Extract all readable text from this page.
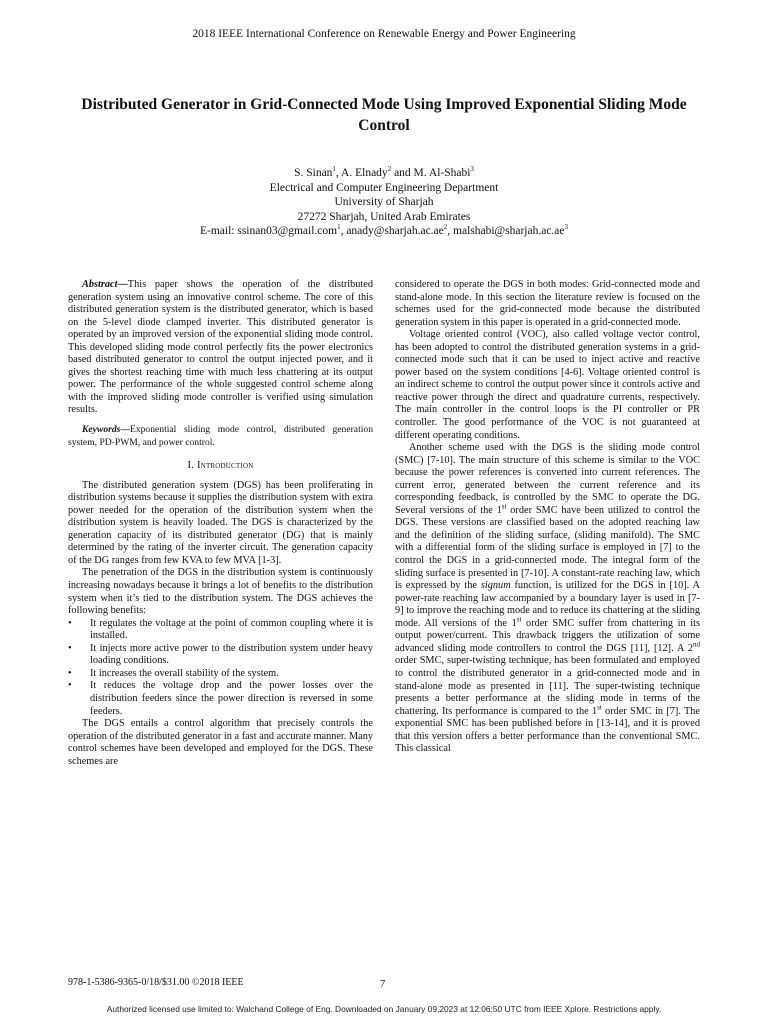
2018 IEEE International Conference on Renewable Energy and Power Engineering
Distributed Generator in Grid-Connected Mode Using Improved Exponential Sliding Mode Control
S. Sinan$^1$, A. Elnady$^2$ and M. Al-Shabi$^3$
Electrical and Computer Engineering Department
University of Sharjah
27272 Sharjah, United Arab Emirates
E-mail: ssinan03@gmail.com$^1$, $anady@sharjah.ac.ae^2$, $malshabi@sharjah.ac.ae^3$

Abstract—This paper shows the operation of the distributed generation system using an innovative control scheme. The core of this distributed generation system is the distributed generator, which is based on the 5-level diode clamped inverter. This distributed generator is operated by an improved version of the exponential sliding mode control. This developed sliding mode control perfectly fits the power electronics based distributed generator to control the output injected power, and it gives the shortest reaching time with much less chattering at its output power. The performance of the whole suggested control scheme along with the improved sliding mode controller is verified using simulation results.

Keywords—Exponential sliding mode control, distributed generation system, PD-PWM, and power control.

I. Introduction

The distributed generation system (DGS) has been proliferating in distribution systems because it supplies the distribution system with extra power needed for the operation of the distribution system when the distribution system is heavily loaded. The DGS is characterized by the generation capacity of its distributed generator (DG) that is mainly determined by the rating of the inverter circuit. The generation capacity of the DG ranges from few KVA to few MVA [1-3].

The penetration of the DGS in the distribution system is continuously increasing nowadays because it brings a lot of benefits to the distribution system when it’s tied to the distribution system. The DGS achieves the following benefits:

• It regulates the voltage at the point of common coupling where it is installed.
• It injects more active power to the distribution system under heavy loading conditions.
• It increases the overall stability of the system.
• It reduces the voltage drop and the power losses over the distribution feeders since the power direction is reversed in some feeders.

The DGS entails a control algorithm that precisely controls the operation of the distributed generator in a fast and accurate manner. Many control schemes have been developed and employed for the DGS. These schemes are

considered to operate the DGS in both modes: Grid-connected mode and stand-alone mode. In this section the literature review is focused on the schemes used for the grid-connected mode because the distributed generation system in this paper is operated in a grid-connected mode.

Voltage oriented control (VOC), also called voltage vector control, has been adopted to control the distributed generation systems in a grid-connected mode such that it can be used to inject active and reactive power based on the system conditions [4-6]. Voltage oriented control is an indirect scheme to control the output power since it controls active and reactive power through the direct and quadrature currents, respectively. The main controller in the control loops is the PI controller or PR controller. The good performance of the VOC is not guaranteed at different operating conditions.

Another scheme used with the DGS is the sliding mode control (SMC) [7-10]. The main structure of this scheme is similar to the VOC because the power references is converted into current references. The current error, generated between the current reference and its corresponding feedback, is controlled by the SMC to operate the DG. Several versions of the 1st order SMC have been utilized to control the DGS. These versions are classified based on the adopted reaching law and the definition of the sliding surface, (sliding manifold). The SMC with a differential form of the sliding surface is employed in [7] to the control the DGS in a grid-connected mode. The integral form of the sliding surface is presented in [7-10]. A constant-rate reaching law, which is expressed by the signum function, is utilized for the DGS in [10]. A power-rate reaching law accompanied by a boundary layer is used in [7-9] to improve the reaching mode and to reduce its chattering at the sliding mode. All versions of the 1st order SMC suffer from chattering in its output power/current. This drawback triggers the utilization of some advanced sliding mode controllers to control the DGS [11], [12]. A 2nd order SMC, super-twisting technique, has been formulated and employed to control the distributed generator in a grid-connected mode and in stand-alone mode as presented in [11]. The super-twisting technique presents a better performance at the sliding mode in terms of the chattering. Its performance is compared to the 1st order SMC in [7]. The exponential SMC has been published before in [13-14], and it is proved that this version offers a better performance than the conventional SMC. This classical

978-1-5386-9365-0/18/$31.00 ©2018 IEEE	7
Authorized licensed use limited to: Walchand College of Eng. Downloaded on January 09,2023 at 12:06:50 UTC from IEEE Xplore. Restrictions apply.
